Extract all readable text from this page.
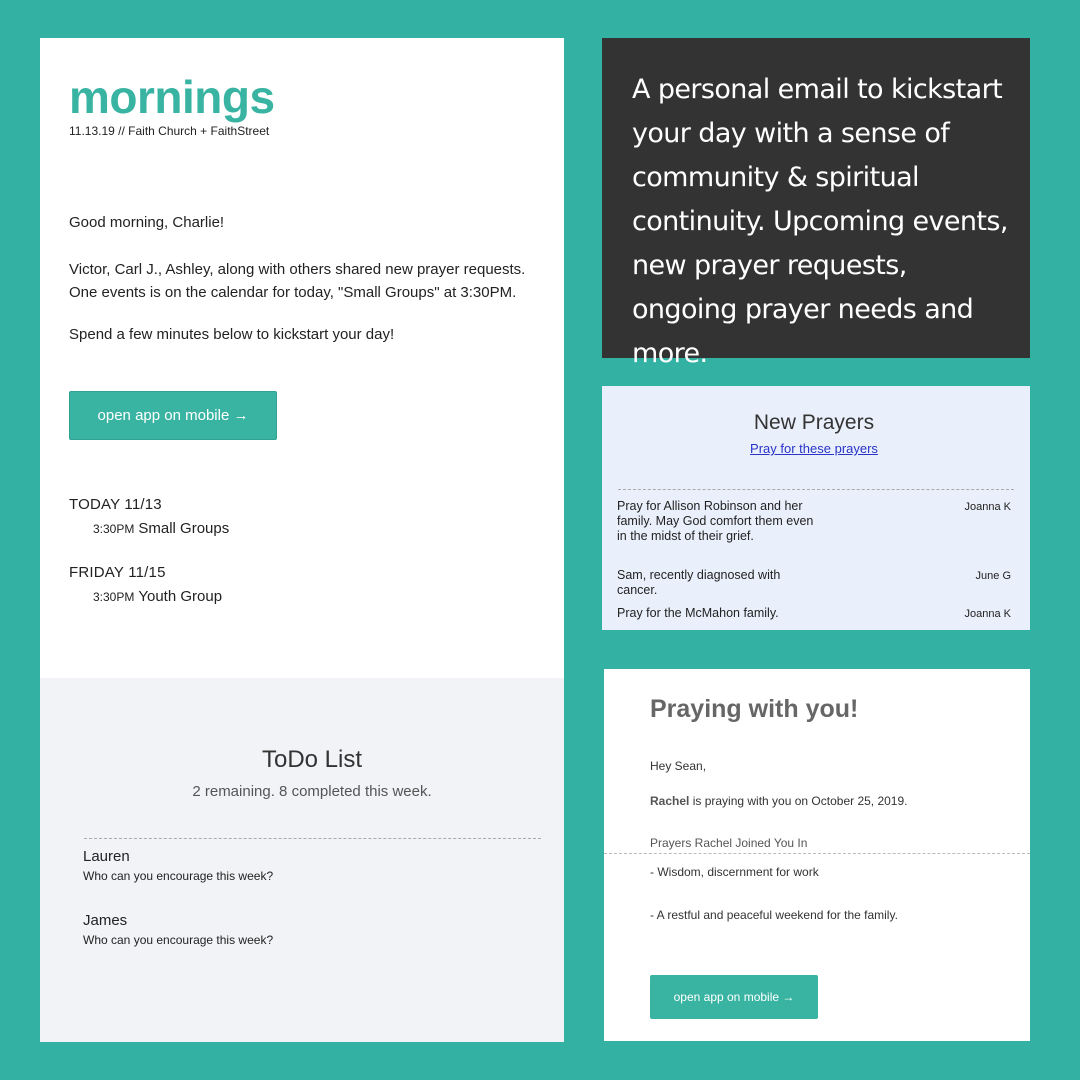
mornings
11.13.19 // Faith Church + FaithStreet
Good morning, Charlie!
Victor, Carl J., Ashley, along with others shared new prayer requests.
One events is on the calendar for today, "Small Groups" at 3:30PM.
Spend a few minutes below to kickstart your day!
open app on mobile →
TODAY 11/13
3:30PM Small Groups
FRIDAY 11/15
3:30PM Youth Group
ToDo List
2 remaining. 8 completed this week.
Lauren
Who can you encourage this week?
James
Who can you encourage this week?
A personal email to kickstart your day with a sense of community & spiritual continuity. Upcoming events, new prayer requests, ongoing prayer needs and more.
New Prayers
Pray for these prayers
Pray for Allison Robinson and her family. May God comfort them even in the midst of their grief.
Joanna K
Sam, recently diagnosed with cancer.
June G
Pray for the McMahon family.	Joanna K
Praying with you!
Hey Sean,
Rachel is praying with you on October 25, 2019.
Prayers Rachel Joined You In
- Wisdom, discernment for work
- A restful and peaceful weekend for the family.
open app on mobile →
